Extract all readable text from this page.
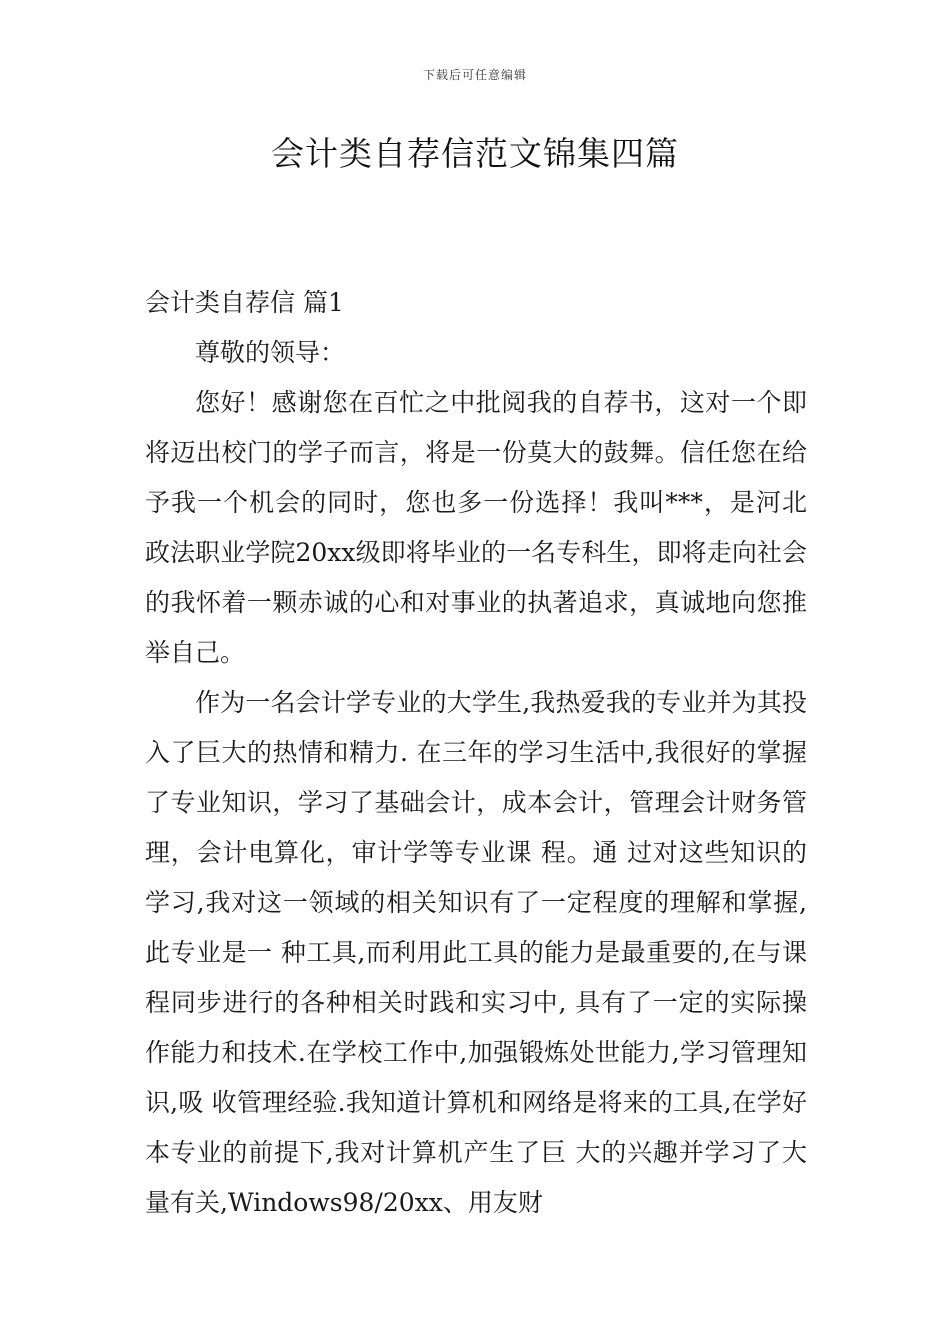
下载后可任意编辑
会计类自荐信范文锦集四篇

会计类自荐信 篇1

尊敬的领导：

您好！感谢您在百忙之中批阅我的自荐书，这对一个即将迈出校门的学子而言，将是一份莫大的鼓舞。信任您在给予我一个机会的同时，您也多一份选择！我叫***，是河北政法职业学院20xx级即将毕业的一名专科生，即将走向社会的我怀着一颗赤诚的心和对事业的执著追求，真诚地向您推举自己。

作为一名会计学专业的大学生,我热爱我的专业并为其投入了巨大的热情和精力. 在三年的学习生活中,我很好的掌握了专业知识，学习了基础会计，成本会计，管理会计财务管理，会计电算化，审计学等专业课 程。通 过对这些知识的学习,我对这一领域的相关知识有了一定程度的理解和掌握,此专业是一 种工具,而利用此工具的能力是最重要的,在与课程同步进行的各种相关时践和实习中, 具有了一定的实际操作能力和技术.在学校工作中,加强锻炼处世能力,学习管理知识,吸 收管理经验.我知道计算机和网络是将来的工具,在学好本专业的前提下,我对计算机产生了巨 大的兴趣并学习了大量有关,Windows98/20xx、用友财
